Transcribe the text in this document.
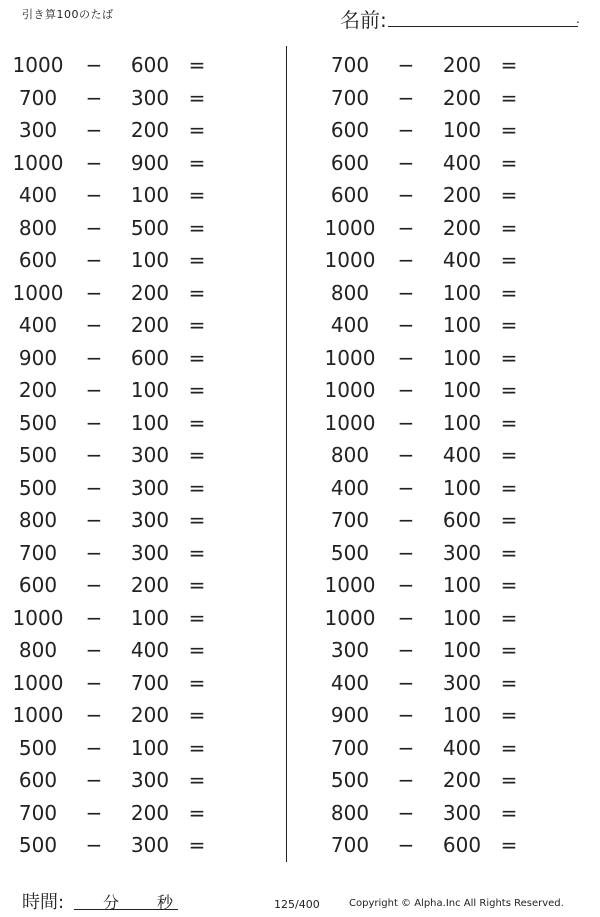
引き算100のたば	名前:	.
1000	−	600 =
700	−	300 =
300	−	200 =
1000	−	900 =
400	−	100 =
800	−	500 =
600	−	100 =
1000	−	200 =
400	−	200 =
900	−	600 =
200	−	100 =
500	−	100 =
500	−	300 =
500	−	300 =
800	−	300 =
700	−	300 =
600	−	200 =
1000	−	100 =
800	−	400 =
1000	−	700 =
1000	−	200 =
500	−	100 =
600	−	300 =
700	−	200 =
500	−	300 =
700	−	200 =
700	−	200 =
600	−	100 =
600	−	400 =
600	−	200 =
1000	−	200 =
1000	−	400 =
800	−	100 =
400	−	100 =
1000	−	100 =
1000	−	100 =
1000	−	100 =
800	−	400 =
400	−	100 =
700	−	600 =
500	−	300 =
1000	−	100 =
1000	−	100 =
300	−	100 =
400	−	300 =
900	−	100 =
700	−	400 =
500	−	200 =
800	−	300 =
700	−	600 =
時間: 分 秒	125/400	Copyright © Alpha.Inc All Rights Reserved.
